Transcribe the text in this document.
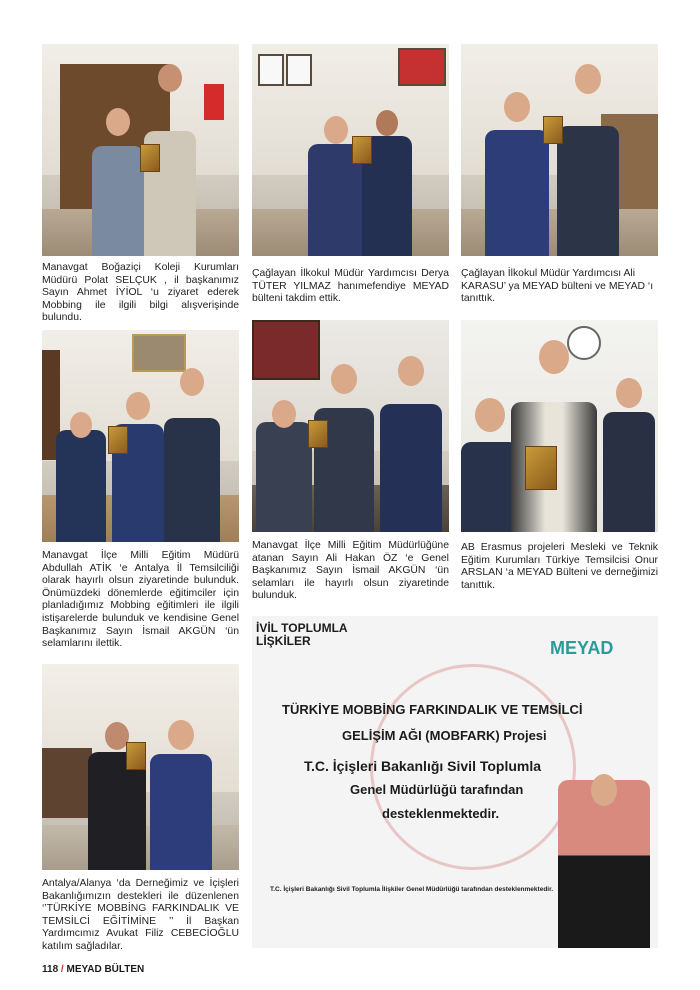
Manavgat Boğaziçi Koleji Kurumları Müdürü Polat SELÇUK , il başkanımız Sayın Ahmet İYİOL ‘u ziyaret ederek Mobbing ile ilgili bilgi alışverişinde bulundu.
Çağlayan İlkokul Müdür Yardımcısı Derya TÜTER YILMAZ hanımefendiye MEYAD bülteni takdim ettik.
Çağlayan İlkokul Müdür Yardımcısı Ali KARASU’ ya MEYAD bülteni ve MEYAD ‘ı tanıttık.
Manavgat İlçe Milli Eğitim Müdürü Abdullah ATİK ‘e Antalya İl Temsilciliği olarak hayırlı olsun ziyaretinde bulunduk. Önümüzdeki dönemlerde eğitimciler için planladığımız Mobbing eğitimleri ile ilgili istişarelerde bulunduk ve kendisine Genel Başkanımız Sayın İsmail AKGÜN ‘ün selamlarını ilettik.
Manavgat İlçe Milli Eğitim Müdürlüğüne atanan Sayın Ali Hakan ÖZ ‘e Genel Başkanımız Sayın İsmail AKGÜN ‘ün selamları ile hayırlı olsun ziyaretinde bulunduk.
AB Erasmus projeleri Mesleki ve Teknik Eğitim Kurumları Türkiye Temsilcisi Onur ARSLAN ‘a MEYAD Bülteni ve derneğimizi tanıttık.
Antalya/Alanya ‘da Derneğimiz ve İçişleri Bakanlığımızın destekleri ile düzenlenen ‘’TÜRKİYE MOBBİNG FARKINDALIK VE TEMSİLCİ EĞİTİMİNE ’’ İl Başkan Yardımcımız Avukat Filiz CEBECİOĞLU katılım sağladılar.
İVİL TOPLUMLA
LİŞKİLER	MEYAD
TÜRKİYE MOBBİNG FARKINDALIK VE TEMSİLCİ
GELİŞİM AĞI (MOBFARK) Projesi
T.C. İçişleri Bakanlığı Sivil Toplumla
Genel Müdürlüğü tarafından
desteklenmektedir.
T.C. İçişleri Bakanlığı Sivil Toplumla İlişkiler Genel Müdürlüğü tarafından desteklenmektedir.
118 / MEYAD BÜLTEN
